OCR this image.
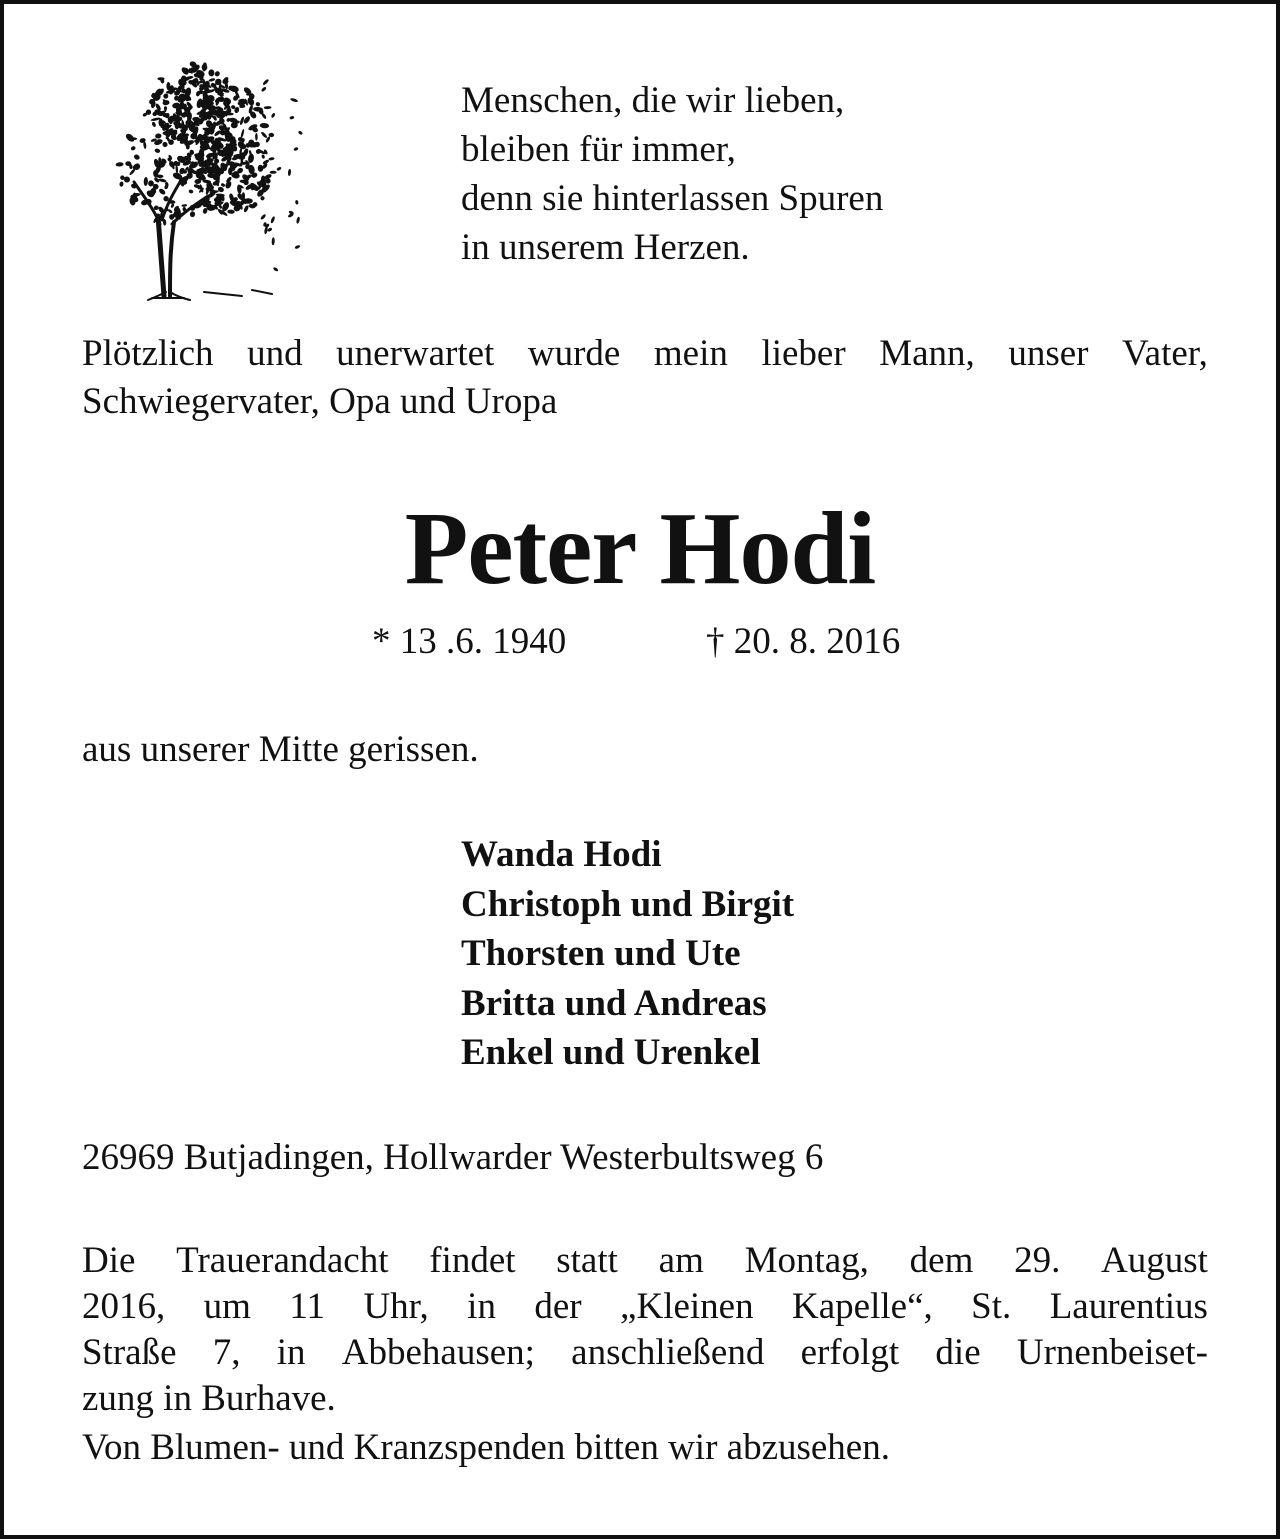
Menschen, die wir lieben,
bleiben für immer,
denn sie hinterlassen Spuren
in unserem Herzen.
Plötzlich und unerwartet wurde mein lieber Mann, unser Vater,
Schwiegervater, Opa und Uropa
Peter Hodi
* 13 .6. 1940	† 20. 8. 2016
aus unserer Mitte gerissen.
Wanda Hodi
Christoph und Birgit
Thorsten und Ute
Britta und Andreas
Enkel und Urenkel
26969 Butjadingen, Hollwarder Westerbultsweg 6
Die Trauerandacht findet statt am Montag, dem 29. August
2016, um 11 Uhr, in der „Kleinen Kapelle“, St. Laurentius
Straße 7, in Abbehausen; anschließend erfolgt die Urnenbeiset-
zung in Burhave.
Von Blumen- und Kranzspenden bitten wir abzusehen.
